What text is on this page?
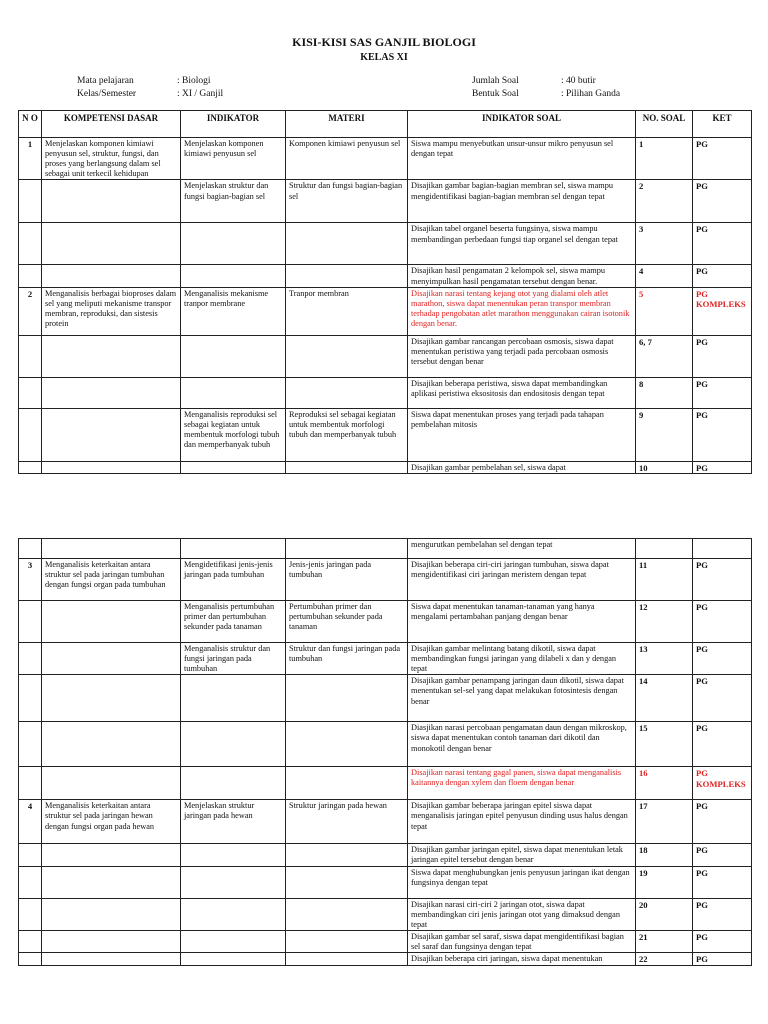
KISI-KISI SAS GANJIL BIOLOGI
KELAS XI
Mata pelajaran	: Biologi
Kelas/Semester	: XI / Ganjil
Jumlah Soal	: 40 butir
Bentuk Soal	: Pilihan Ganda
N O	KOMPETENSI DASAR	INDIKATOR	MATERI	INDIKATOR SOAL	NO. SOAL	KET
1	Menjelaskan komponen kimiawi penyusun sel, struktur, fungsi, dan proses yang berlangsung dalam sel sebagai unit terkecil kehidupan	Menjelaskan komponen kimiawi penyusun sel	Komponen kimiawi penyusun sel	Siswa mampu menyebutkan unsur-unsur mikro penyusun sel dengan tepat	1	PG
		Menjelaskan struktur dan fungsi bagian-bagian sel	Struktur dan fungsi bagian-bagian sel	Disajikan gambar bagian-bagian membran sel, siswa mampu mengidentifikasi bagian-bagian membran sel dengan tepat	2	PG
				Disajikan tabel organel beserta fungsinya, siswa mampu membandingan perbedaan fungsi tiap organel sel dengan tepat	3	PG
				Disajikan hasil pengamatan 2 kelompok sel, siswa mampu menyimpulkan hasil pengamatan tersebut dengan benar.	4	PG
2	Menganalisis berbagai bioproses dalam sel yang meliputi mekanisme transpor membran, reproduksi, dan sistesis protein	Menganalisis mekanisme tranpor membrane	Tranpor membran	Disajikan narasi tentang kejang otot yang dialami oleh atlet marathon, siswa dapat menentukan peran transpor membran terhadap pengobatan atlet marathon menggunakan cairan isotonik dengan benar.	5	PG KOMPLEKS
				Disajikan gambar rancangan percobaan osmosis, siswa dapat menentukan peristiwa yang terjadi pada percobaan osmosis tersebut dengan benar	6, 7	PG
				Disajikan beberapa peristiwa, siswa dapat membandingkan aplikasi peristiwa eksositosis dan endositosis dengan tepat	8	PG
		Menganalisis reproduksi sel sebagai kegiatan untuk membentuk morfologi tubuh dan memperbanyak tubuh	Reproduksi sel sebagai kegiatan untuk membentuk morfologi tubuh dan memperbanyak tubuh	Siswa dapat menentukan proses yang terjadi pada tahapan pembelahan mitosis	9	PG
				Disajikan gambar pembelahan sel, siswa dapat	10	PG
				mengurutkan pembelahan sel dengan tepat		
3	Menganalisis keterkaitan antara struktur sel pada jaringan tumbuhan dengan fungsi organ pada tumbuhan	Mengidetifikasi jenis-jenis jaringan pada tumbuhan	Jenis-jenis jaringan pada tumbuhan	Disajikan beberapa ciri-ciri jaringan tumbuhan, siswa dapat mengidentifikasi ciri jaringan meristem dengan tepat	11	PG
		Menganalisis pertumbuhan primer dan pertumbuhan sekunder pada tanaman	Pertumbuhan primer dan pertumbuhan sekunder pada tanaman	Siswa dapat menentukan tanaman-tanaman yang hanya mengalami pertambahan panjang dengan benar	12	PG
		Menganalisis struktur dan fungsi jaringan pada tumbuhan	Struktur dan fungsi jaringan pada tumbuhan	Disajikan gambar melintang batang dikotil, siswa dapat membandingkan fungsi jaringan yang dilabeli x dan y dengan tepat	13	PG
				Disajikan gambar penampang jaringan daun dikotil, siswa dapat menentukan sel-sel yang dapat melakukan fotosintesis dengan benar	14	PG
				Diasjikan narasi percobaan pengamatan daun dengan mikroskop, siswa dapat menentukan contoh tanaman dari dikotil dan monokotil dengan benar	15	PG
				Disajikan narasi tentang gagal panen, siswa dapat menganalisis kaitannya dengan xylem dan floem dengan benar	16	PG KOMPLEKS
4	Menganalisis keterkaitan antara struktur sel pada jaringan hewan dengan fungsi organ pada hewan	Menjelaskan struktur jaringan pada hewan	Struktur jaringan pada hewan	Disajikan gambar beberapa jaringan epitel siswa dapat menganalisis jaringan epitel penyusun dinding usus halus dengan tepat	17	PG
				Disajikan gambar jaringan epitel, siswa dapat menentukan letak jaringan epitel tersebut dengan benar	18	PG
				Siswa dapat menghubungkan jenis penyusun jaringan ikat dengan fungsinya dengan tepat	19	PG
				Disajikan narasi ciri-ciri 2 jaringan otot, siswa dapat membandingkan ciri jenis jaringan otot yang dimaksud dengan tepat	20	PG
				Disajikan gambar sel saraf, siswa dapat mengidentifikasi bagian sel saraf dan fungsinya dengan tepat	21	PG
				Disajikan beberapa ciri jaringan, siswa dapat menentukan	22	PG
